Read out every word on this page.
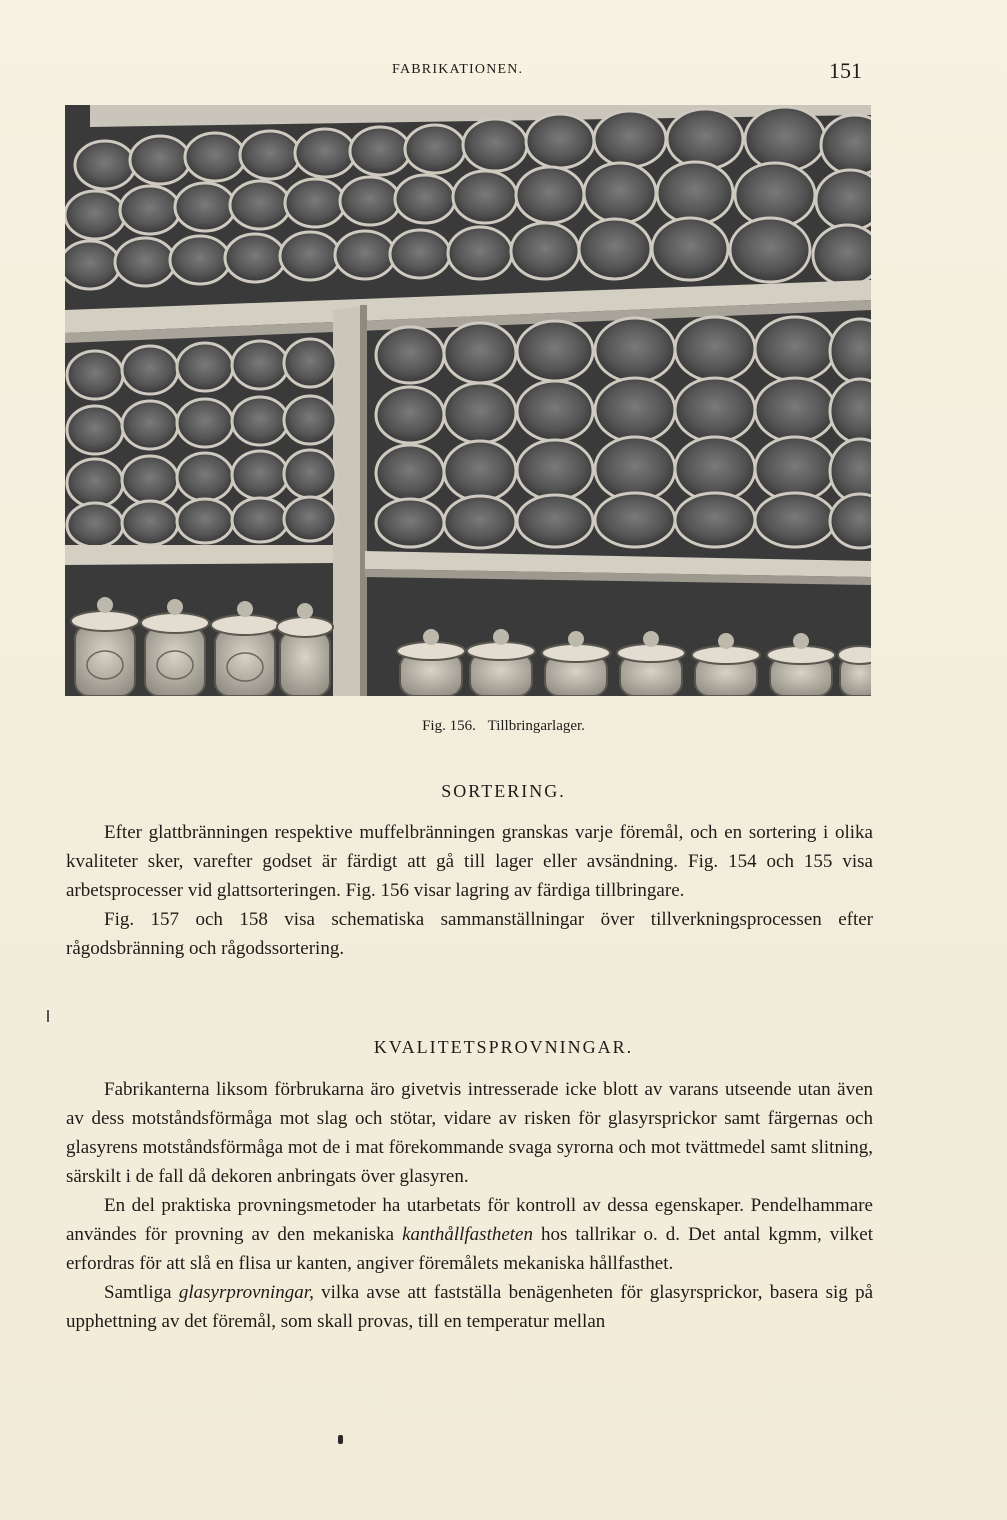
FABRIKATIONEN.	151
Fig. 156. Tillbringarlager.
SORTERING.

Efter glattbränningen respektive muffelbränningen granskas varje föremål, och en sortering i olika kvaliteter sker, varefter godset är färdigt att gå till lager eller avsändning. Fig. 154 och 155 visa arbetsprocesser vid glattsorteringen. Fig. 156 visar lagring av färdiga tillbringare.

Fig. 157 och 158 visa schematiska sammanställningar över tillverkningsprocessen efter rågodsbränning och rågodssortering.

KVALITETSPROVNINGAR.

Fabrikanterna liksom förbrukarna äro givetvis intresserade icke blott av varans utseende utan även av dess motståndsförmåga mot slag och stötar, vidare av risken för glasyrsprickor samt färgernas och glasyrens motståndsförmåga mot de i mat förekommande svaga syrorna och mot tvättmedel samt slitning, särskilt i de fall då dekoren anbringats över glasyren.

En del praktiska provningsmetoder ha utarbetats för kontroll av dessa egenskaper. Pendelhammare användes för provning av den mekaniska kanthållfastheten hos tallrikar o. d. Det antal kgmm, vilket erfordras för att slå en flisa ur kanten, angiver föremålets mekaniska hållfasthet.

Samtliga glasyrprovningar, vilka avse att fastställa benägenheten för glasyrsprickor, basera sig på upphettning av det föremål, som skall provas, till en temperatur mellan
